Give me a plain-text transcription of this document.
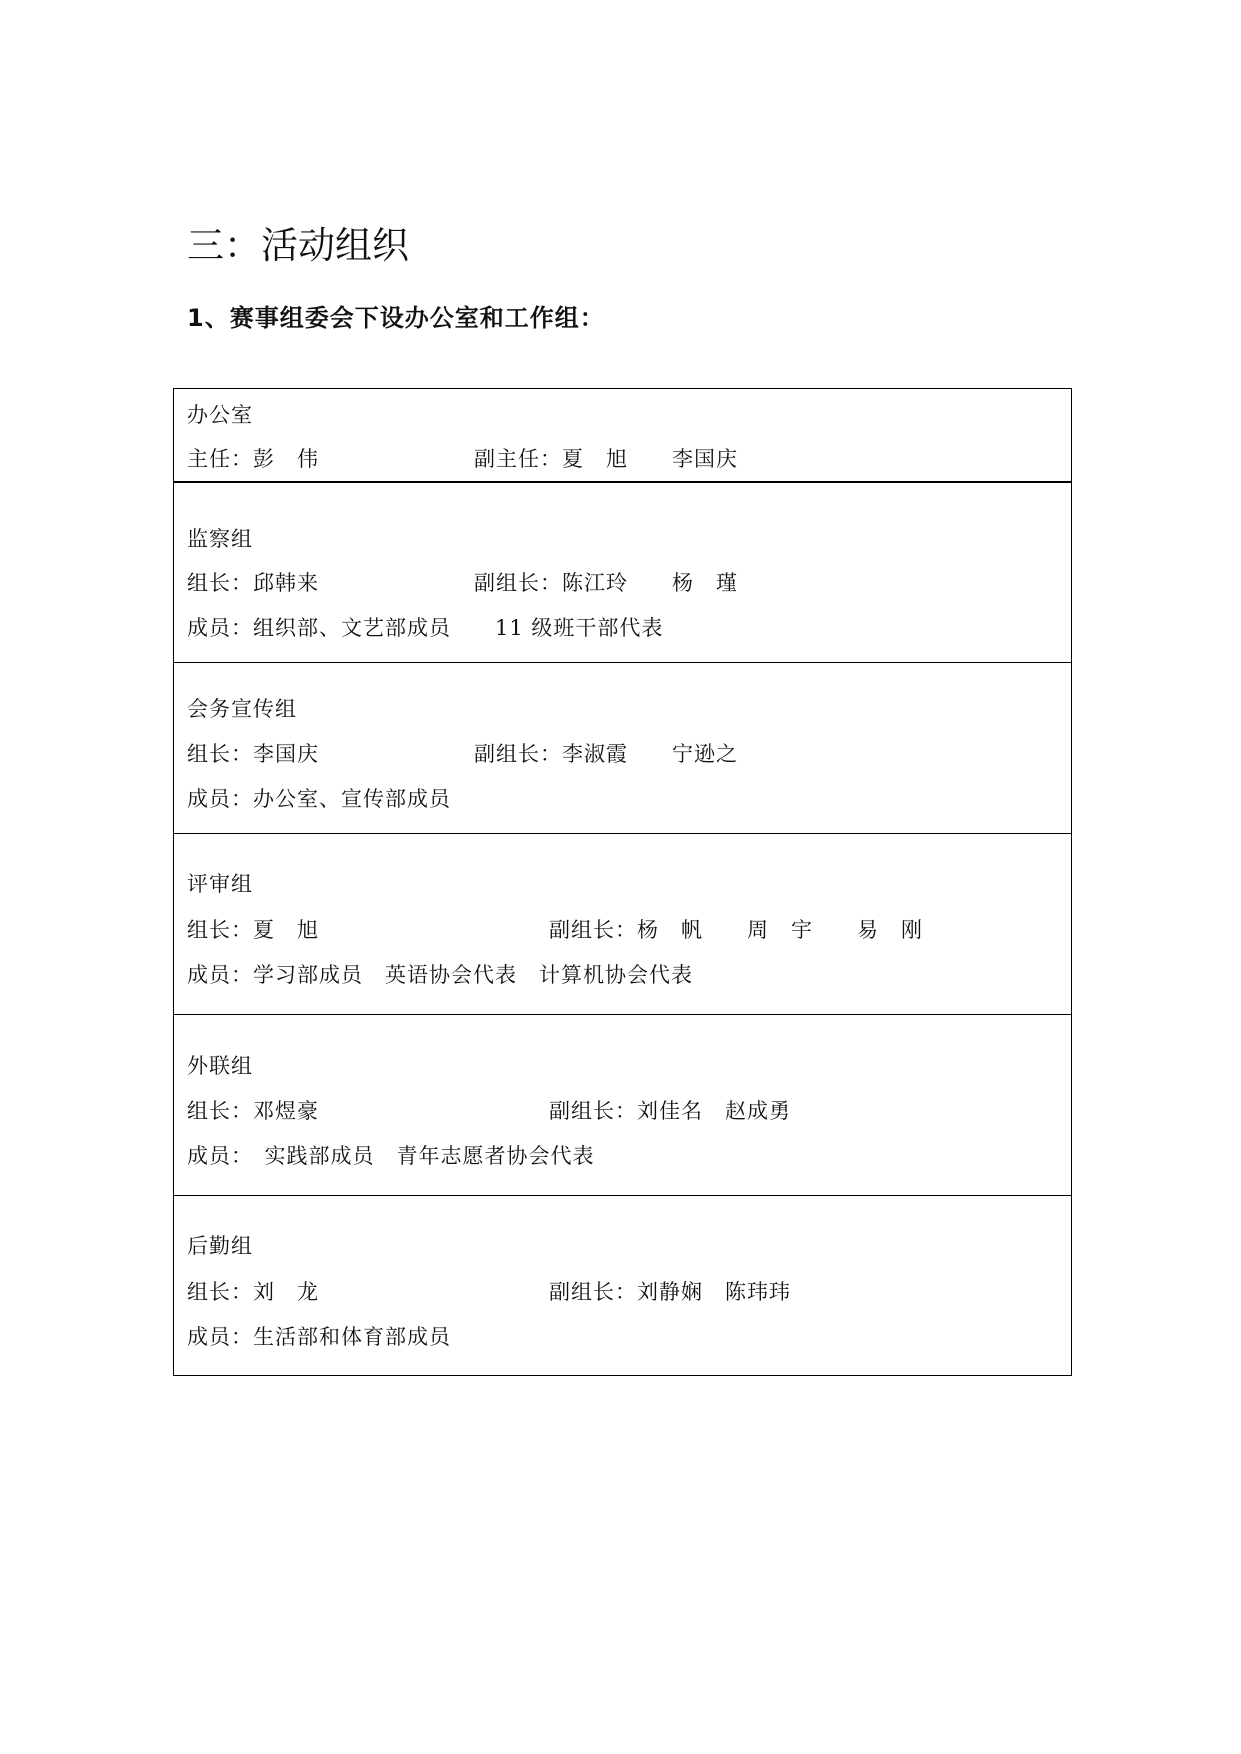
三：活动组织
1、赛事组委会下设办公室和工作组：

办公室

主任：彭　伟	副主任：夏　旭　　李国庆

监察组

组长：邱韩来	副组长：陈江玲　　杨　瑾

成员：组织部、文艺部成员　　11 级班干部代表

会务宣传组

组长：李国庆	副组长：李淑霞　　宁逊之

成员：办公室、宣传部成员

评审组

组长：夏　旭	副组长：杨　帆　　周　宇　　易　刚

成员：学习部成员　英语协会代表　计算机协会代表

外联组

组长：邓煜豪	副组长：刘佳名　赵成勇

成员：　实践部成员　青年志愿者协会代表

后勤组

组长：刘　龙	副组长：刘静娴　陈玮玮

成员：生活部和体育部成员
